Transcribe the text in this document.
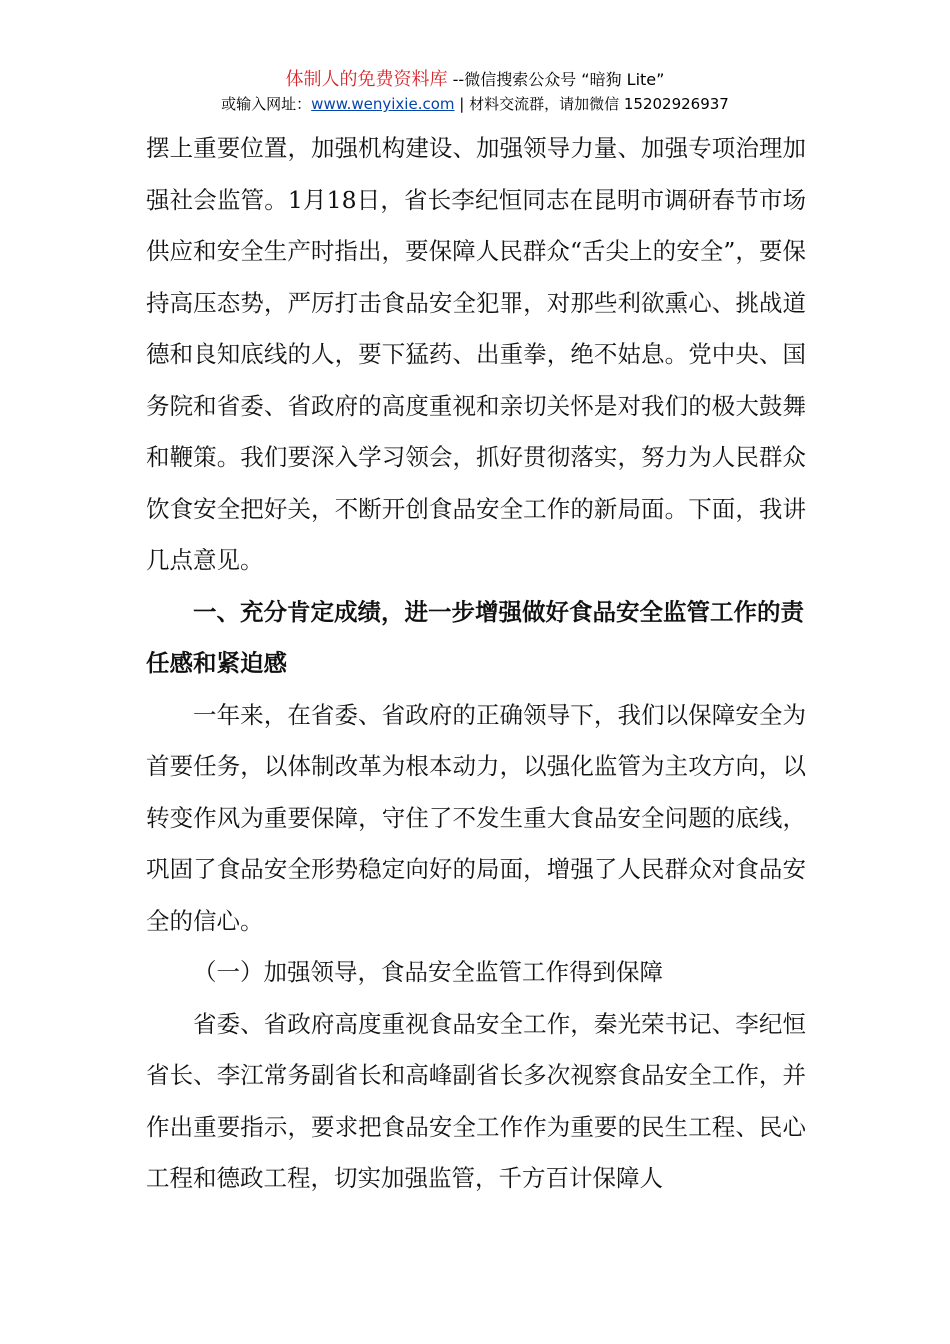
体制人的免费资料库 --微信搜索公众号 “暗狗 Lite”
或输入网址：www.wenyixie.com | 材料交流群，请加微信 15202926937

摆上重要位置，加强机构建设、加强领导力量、加强专项治理加强社会监管。1月18日，省长李纪恒同志在昆明市调研春节市场供应和安全生产时指出，要保障人民群众“舌尖上的安全”，要保持高压态势，严厉打击食品安全犯罪，对那些利欲熏心、挑战道德和良知底线的人，要下猛药、出重拳，绝不姑息。党中央、国务院和省委、省政府的高度重视和亲切关怀是对我们的极大鼓舞和鞭策。我们要深入学习领会，抓好贯彻落实，努力为人民群众饮食安全把好关，不断开创食品安全工作的新局面。下面，我讲几点意见。

一、充分肯定成绩，进一步增强做好食品安全监管工作的责任感和紧迫感

一年来，在省委、省政府的正确领导下，我们以保障安全为首要任务，以体制改革为根本动力，以强化监管为主攻方向，以转变作风为重要保障，守住了不发生重大食品安全问题的底线，巩固了食品安全形势稳定向好的局面，增强了人民群众对食品安全的信心。

（一）加强领导，食品安全监管工作得到保障

省委、省政府高度重视食品安全工作，秦光荣书记、李纪恒省长、李江常务副省长和高峰副省长多次视察食品安全工作，并作出重要指示，要求把食品安全工作作为重要的民生工程、民心工程和德政工程，切实加强监管，千方百计保障人
